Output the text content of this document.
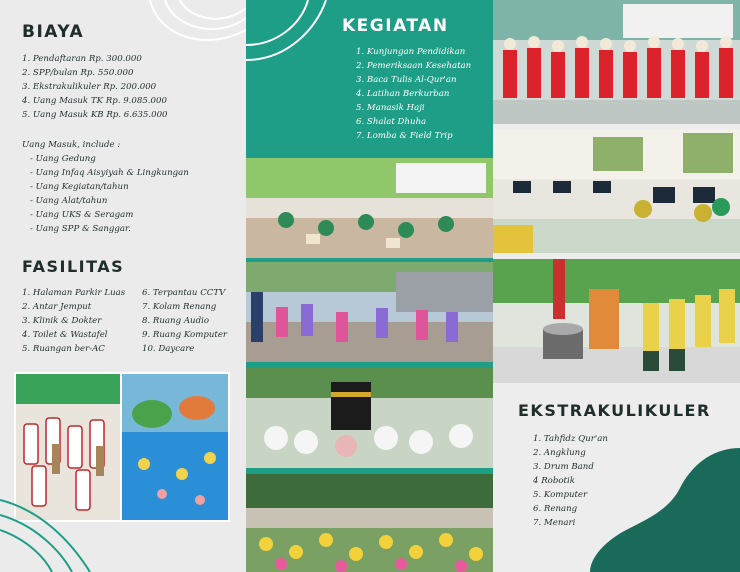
BIAYA
1. Pendaftaran Rp. 300.000
2. SPP/bulan Rp. 550.000
3. Ekstrakulikuler Rp. 200.000
4. Uang Masuk TK Rp. 9.085.000
5. Uang Masuk KB Rp. 6.635.000
Uang Masuk, include :
- Uang Gedung
- Uang Infaq Aisyiyah & Lingkungan
- Uang Kegiatan/tahun
- Uang Alat/tahun
- Uang UKS & Seragam
- Uang SPP & Sanggar.
FASILITAS
1. Halaman Parkir Luas
2. Antar Jemput
3. Klinik & Dokter
4. Toilet & Wastafel
5. Ruangan ber-AC
6. Terpantau CCTV
7. Kolam Renang
8. Ruang Audio
9. Ruang Komputer
10. Daycare
KEGIATAN
1. Kunjungan Pendidikan
2. Pemeriksaan Kesehatan
3. Baca Tulis Al-Qur'an
4. Latihan Berkurban
5. Manasik Haji
6. Shalat Dhuha
7. Lomba & Field Trip
EKSTRAKULIKULER
1. Tahfidz Qur'an
2. Angklung
3. Drum Band
4 Robotik
5. Komputer
6. Renang
7. Menari
